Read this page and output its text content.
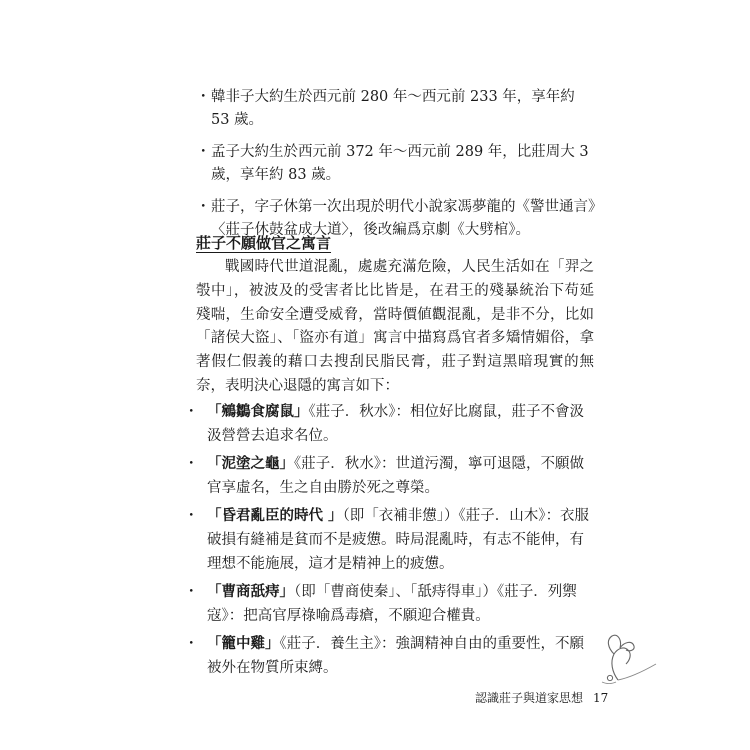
・ 韓非子大約生於西元前 280 年～西元前 233 年，享年約 53 歲。
・ 孟子大約生於西元前 372 年～西元前 289 年，比莊周大 3 歲，享年約 83 歲。
・ 莊子，字子休第一次出現於明代小說家馮夢龍的《警世通言》〈莊子休鼓盆成大道〉，後改編爲京劇《大劈棺》。
莊子不願做官之寓言
戰國時代世道混亂，處處充滿危險，人民生活如在「羿之彀中」，被波及的受害者比比皆是，在君王的殘暴統治下苟延殘喘，生命安全遭受威脅，當時價値觀混亂，是非不分，比如「諸侯大盜」、「盜亦有道」寓言中描寫爲官者多矯情媚俗，拿著假仁假義的藉口去搜刮民脂民膏，莊子對這黑暗現實的無奈，表明決心退隱的寓言如下：
・ 「鵷鶵食腐鼠」《莊子．秋水》：相位好比腐鼠，莊子不會汲汲營營去追求名位。
・ 「泥塗之龜」《莊子．秋水》：世道污濁，寧可退隱，不願做官享虛名，生之自由勝於死之尊榮。
・ 「昏君亂臣的時代 」（即「衣補非憊」）《莊子．山木》：衣服破損有縫補是貧而不是疲憊。時局混亂時，有志不能伸，有理想不能施展，這才是精神上的疲憊。
・ 「曹商舐痔」（即「曹商使秦」、「舐痔得車」）《莊子．列禦寇》：把高官厚祿喻爲毒瘡，不願迎合權貴。
・ 「籠中雞」《莊子．養生主》：強調精神自由的重要性，不願被外在物質所束縛。
認識莊子與道家思想 17
